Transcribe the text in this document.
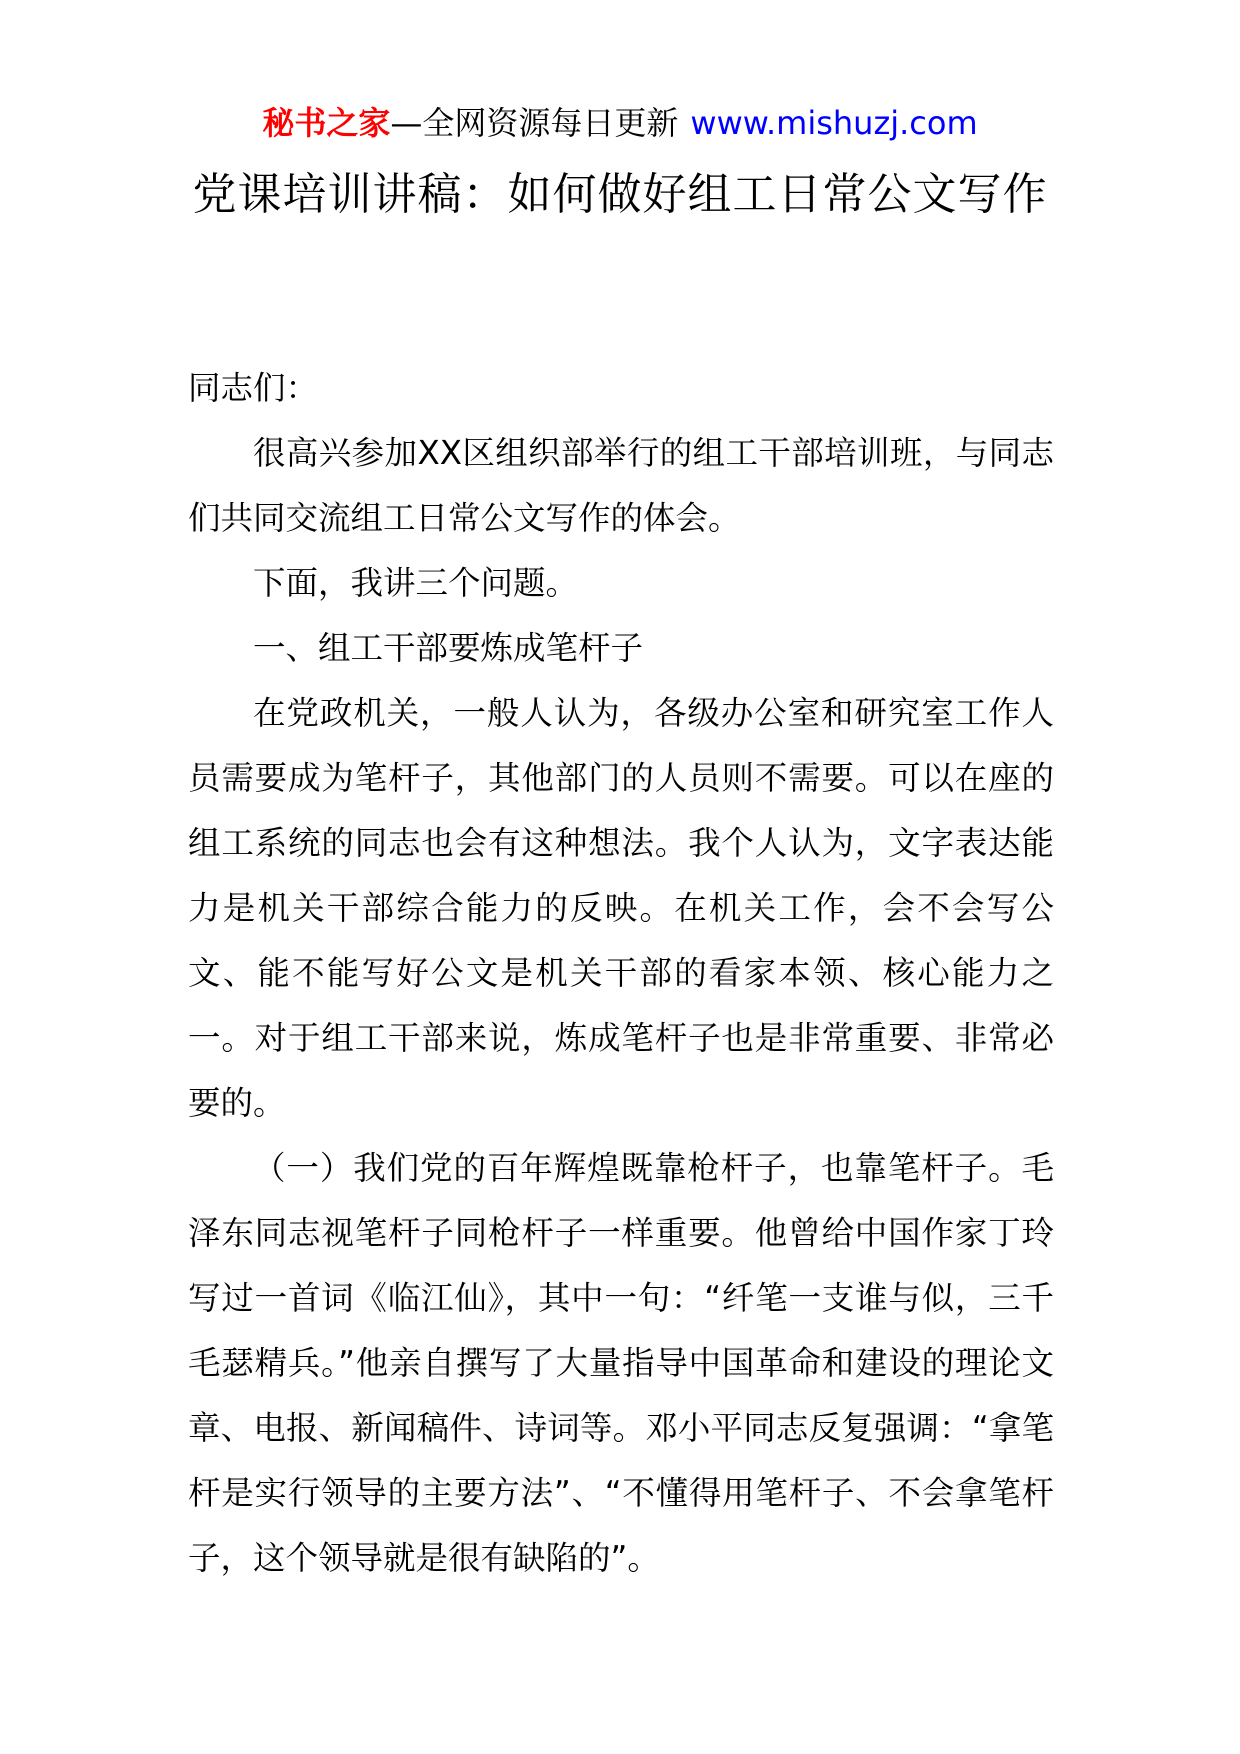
秘书之家—全网资源每日更新 www.mishuzj.com
党课培训讲稿：如何做好组工日常公文写作

同志们：

很高兴参加XX区组织部举行的组工干部培训班，与同志们共同交流组工日常公文写作的体会。

下面，我讲三个问题。

一、组工干部要炼成笔杆子

在党政机关，一般人认为，各级办公室和研究室工作人员需要成为笔杆子，其他部门的人员则不需要。可以在座的组工系统的同志也会有这种想法。我个人认为，文字表达能力是机关干部综合能力的反映。在机关工作，会不会写公文、能不能写好公文是机关干部的看家本领、核心能力之一。对于组工干部来说，炼成笔杆子也是非常重要、非常必要的。

（一）我们党的百年辉煌既靠枪杆子，也靠笔杆子。毛泽东同志视笔杆子同枪杆子一样重要。他曾给中国作家丁玲写过一首词《临江仙》，其中一句：“纤笔一支谁与似，三千毛瑟精兵。”他亲自撰写了大量指导中国革命和建设的理论文章、电报、新闻稿件、诗词等。邓小平同志反复强调：“拿笔杆是实行领导的主要方法”、“不懂得用笔杆子、不会拿笔杆子，这个领导就是很有缺陷的”。
